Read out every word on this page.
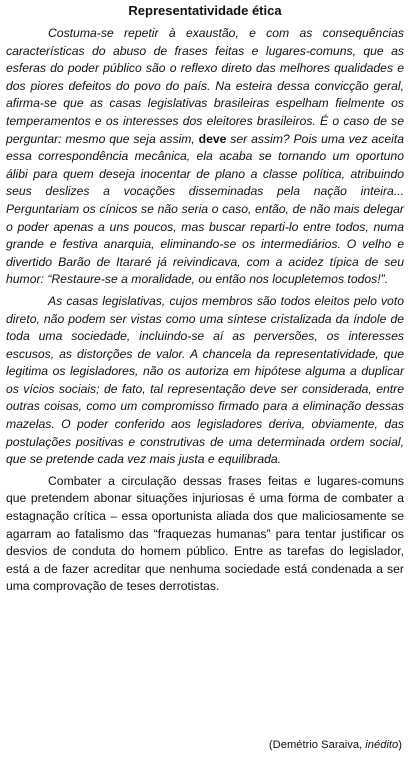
Representatividade ética

Costuma-se repetir à exaustão, e com as consequências características do abuso de frases feitas e lugares-comuns, que as esferas do poder público são o reflexo direto das melhores qualidades e dos piores defeitos do povo do país. Na esteira dessa convicção geral, afirma-se que as casas legislativas brasileiras espelham fielmente os temperamentos e os interesses dos eleitores brasileiros. É o caso de se perguntar: mesmo que seja assim, deve ser assim? Pois uma vez aceita essa correspondência mecânica, ela acaba se tornando um oportuno álibi para quem deseja inocentar de plano a classe política, atribuindo seus deslizes a vocações disseminadas pela nação inteira... Perguntariam os cínicos se não seria o caso, então, de não mais delegar o poder apenas a uns poucos, mas buscar reparti-lo entre todos, numa grande e festiva anarquia, eliminando-se os intermediários. O velho e divertido Barão de Itararé já reivindicava, com a acidez típica de seu humor: “Restaure-se a moralidade, ou então nos locupletemos todos!”.

As casas legislativas, cujos membros são todos eleitos pelo voto direto, não podem ser vistas como uma síntese cristalizada da índole de toda uma sociedade, incluindo-se aí as perversões, os interesses escusos, as distorções de valor. A chancela da representatividade, que legitima os legisladores, não os autoriza em hipótese alguma a duplicar os vícios sociais; de fato, tal representação deve ser considerada, entre outras coisas, como um compromisso firmado para a eliminação dessas mazelas. O poder conferido aos legisladores deriva, obviamente, das postulações positivas e construtivas de uma determinada ordem social, que se pretende cada vez mais justa e equilibrada.

Combater a circulação dessas frases feitas e lugares-comuns que pretendem abonar situações injuriosas é uma forma de combater a estagnação crítica – essa oportunista aliada dos que maliciosamente se agarram ao fatalismo das “fraquezas humanas” para tentar justificar os desvios de conduta do homem público. Entre as tarefas do legislador, está a de fazer acreditar que nenhuma sociedade está condenada a ser uma comprovação de teses derrotistas.

(Demétrio Saraiva, inédito)
